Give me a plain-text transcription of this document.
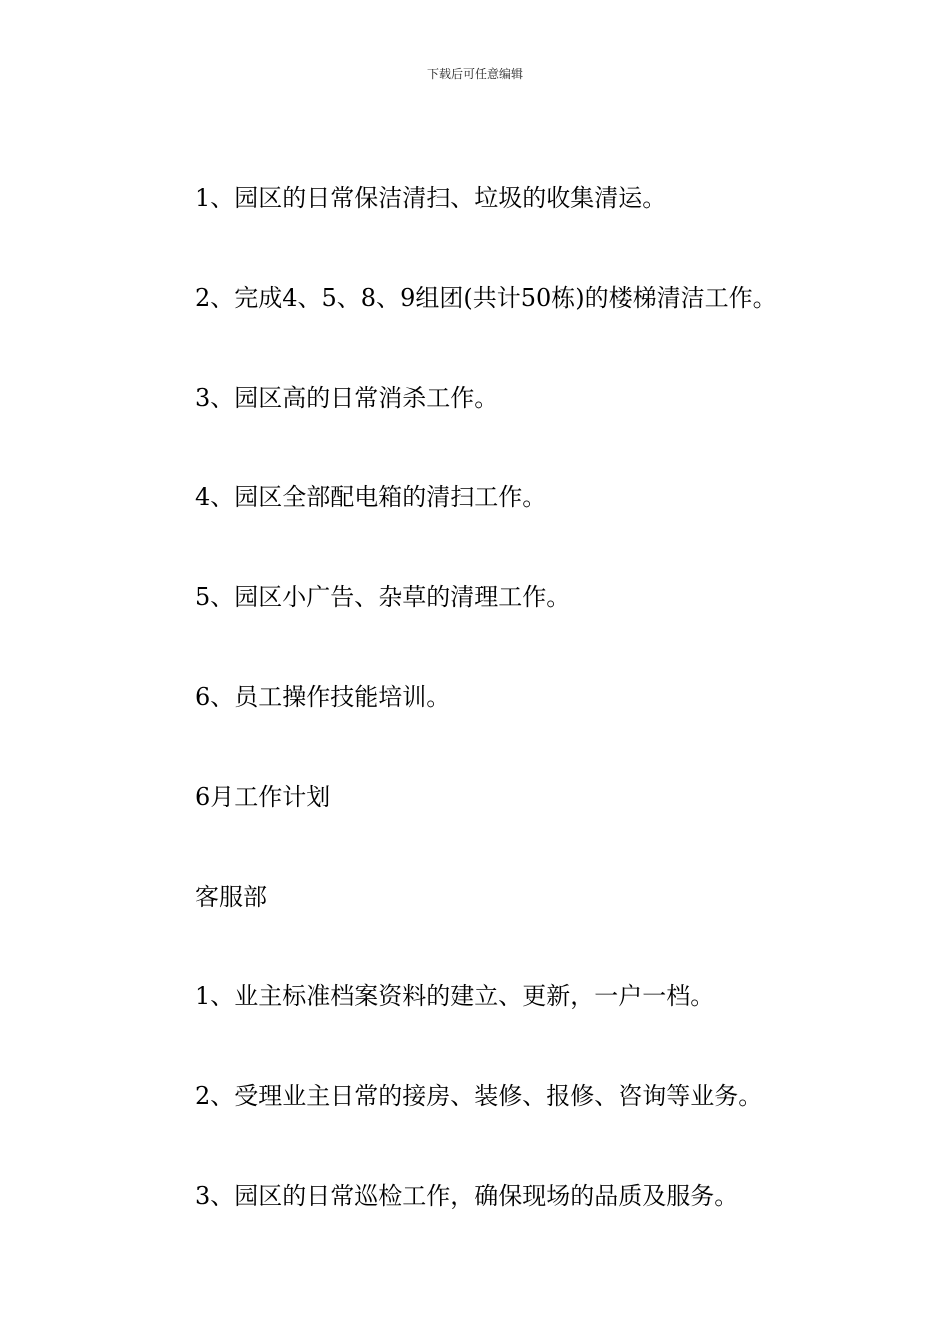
下载后可任意编辑

1、园区的日常保洁清扫、垃圾的收集清运。

2、完成4、5、8、9组团(共计50栋)的楼梯清洁工作。

3、园区高的日常消杀工作。

4、园区全部配电箱的清扫工作。

5、园区小广告、杂草的清理工作。

6、员工操作技能培训。

6月工作计划

客服部

1、业主标准档案资料的建立、更新，一户一档。

2、受理业主日常的接房、装修、报修、咨询等业务。

3、园区的日常巡检工作，确保现场的品质及服务。
